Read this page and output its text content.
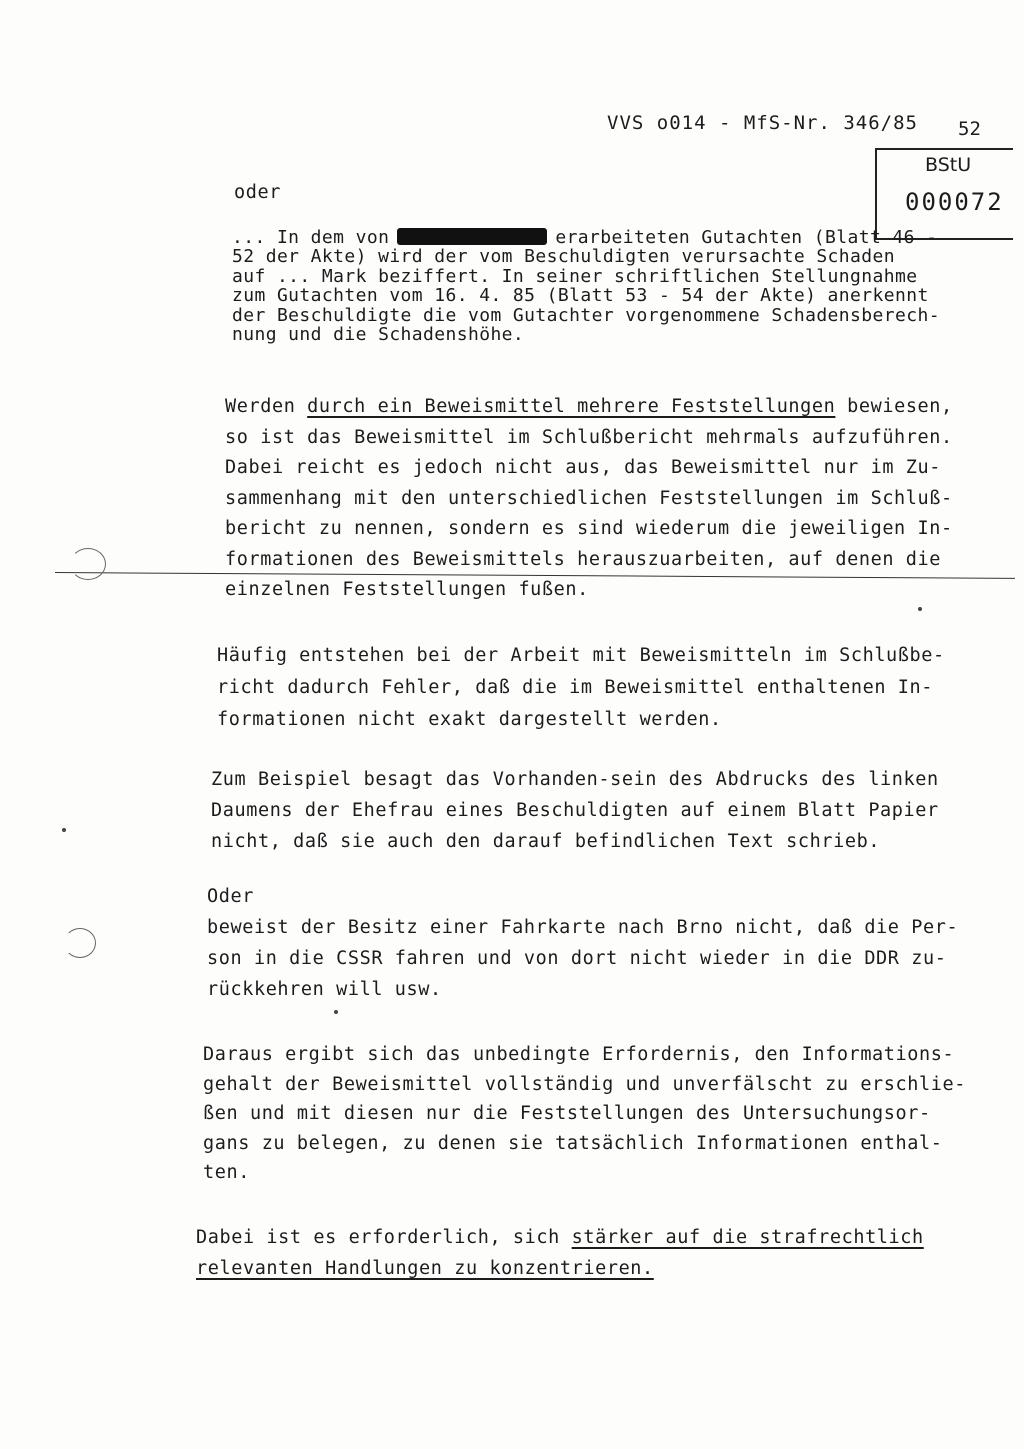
VVS o014 - MfS-Nr. 346/85 52
BStU
000072
oder
... In dem von	erarbeiteten Gutachten (Blatt 46 -
52 der Akte) wird der vom Beschuldigten verursachte Schaden
auf ... Mark beziffert. In seiner schriftlichen Stellungnahme
zum Gutachten vom 16. 4. 85 (Blatt 53 - 54 der Akte) anerkennt
der Beschuldigte die vom Gutachter vorgenommene Schadensberech-
nung und die Schadenshöhe.
Werden durch ein Beweismittel mehrere Feststellungen bewiesen,
so ist das Beweismittel im Schlußbericht mehrmals aufzuführen.
Dabei reicht es jedoch nicht aus, das Beweismittel nur im Zu-
sammenhang mit den unterschiedlichen Feststellungen im Schluß-
bericht zu nennen, sondern es sind wiederum die jeweiligen In-
formationen des Beweismittels herauszuarbeiten, auf denen die
einzelnen Feststellungen fußen.
Häufig entstehen bei der Arbeit mit Beweismitteln im Schlußbe-
richt dadurch Fehler, daß die im Beweismittel enthaltenen In-
formationen nicht exakt dargestellt werden.
Zum Beispiel besagt das Vorhanden-sein des Abdrucks des linken
Daumens der Ehefrau eines Beschuldigten auf einem Blatt Papier
nicht, daß sie auch den darauf befindlichen Text schrieb.
Oder
beweist der Besitz einer Fahrkarte nach Brno nicht, daß die Per-
son in die CSSR fahren und von dort nicht wieder in die DDR zu-
rückkehren will usw.
Daraus ergibt sich das unbedingte Erfordernis, den Informations-
gehalt der Beweismittel vollständig und unverfälscht zu erschlie-
ßen und mit diesen nur die Feststellungen des Untersuchungsor-
gans zu belegen, zu denen sie tatsächlich Informationen enthal-
ten.
Dabei ist es erforderlich, sich stärker auf die strafrechtlich
relevanten Handlungen zu konzentrieren.
